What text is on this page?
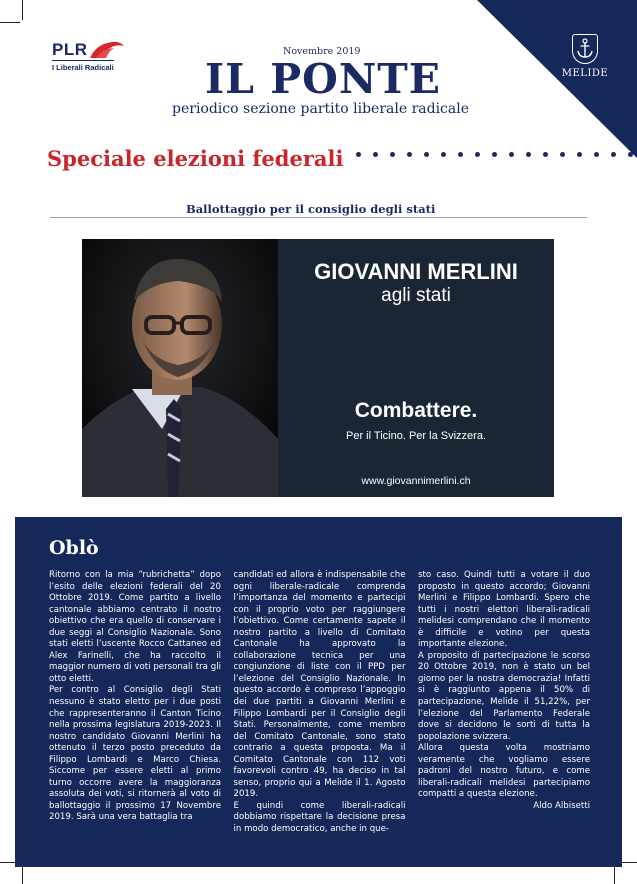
MELIDE
PLR
I Liberali Radicali
Novembre 2019
IL PONTE
periodico sezione partito liberale radicale
Speciale elezioni federali
Ballottaggio per il consiglio degli stati
GIOVANNI MERLINI
agli stati
Combattere.
Per il Ticino. Per la Svizzera.
www.giovannimerlini.ch
Oblò

Ritorno con la mia “rubrichetta” dopo l’esito delle elezioni federali del 20 Ottobre 2019. Come partito a livello cantonale abbiamo centrato il nostro obiettivo che era quello di conservare i due seggi al Consiglio Nazionale. Sono stati eletti l’uscente Rocco Cattaneo ed Alex Farinelli, che ha raccolto il maggior numero di voti personali tra gli otto eletti.

Per contro al Consiglio degli Stati nessuno è stato eletto per i due posti che rappresenteranno il Canton Ticino nella prossima legislatura 2019-2023. Il nostro candidato Giovanni Merlini ha ottenuto il terzo posto preceduto da Filippo Lombardi e Marco Chiesa. Siccome per essere eletti al primo turno occorre avere la maggioranza assoluta dei voti, si ritornerà al voto di ballottaggio il prossimo 17 Novembre 2019. Sarà una vera battaglia tra

candidati ed allora è indispensabile che ogni liberale-radicale comprenda l’importanza del momento e partecipi con il proprio voto per raggiungere l’obiettivo. Come certamente sapete il nostro partito a livello di Comitato Cantonale ha approvato la collaborazione tecnica per una congiunzione di liste con il PPD per l’elezione del Consiglio Nazionale. In questo accordo è compreso l’appoggio dei due partiti a Giovanni Merlini e Filippo Lombardi per il Consiglio degli Stati. Personalmente, come membro del Comitato Cantonale, sono stato contrario a questa proposta. Ma il Comitato Cantonale con 112 voti favorevoli contro 49, ha deciso in tal senso, proprio qui a Melide il 1. Agosto 2019.

E quindi come liberali-radicali dobbiamo rispettare la decisione presa in modo democratico, anche in que-

sto caso. Quindi tutti a votare il duo proposto in questo accordo; Giovanni Merlini e Filippo Lombardi. Spero che tutti i nostri elettori liberali-radicali melidesi comprendano che il momento è difficile e votino per questa importante elezione.

A proposito di partecipazione le scorso 20 Ottobre 2019, non è stato un bel giorno per la nostra democrazia! Infatti si è raggiunto appena il 50% di partecipazione, Melide il 51,22%, per l’elezione del Parlamento Federale dove si decidono le sorti di tutta la popolazione svizzera.

Allora questa volta mostriamo veramente che vogliamo essere padroni del nostro futuro, e come liberali-radicali melidesi partecipiamo compatti a questa elezione.

Aldo Albisetti
